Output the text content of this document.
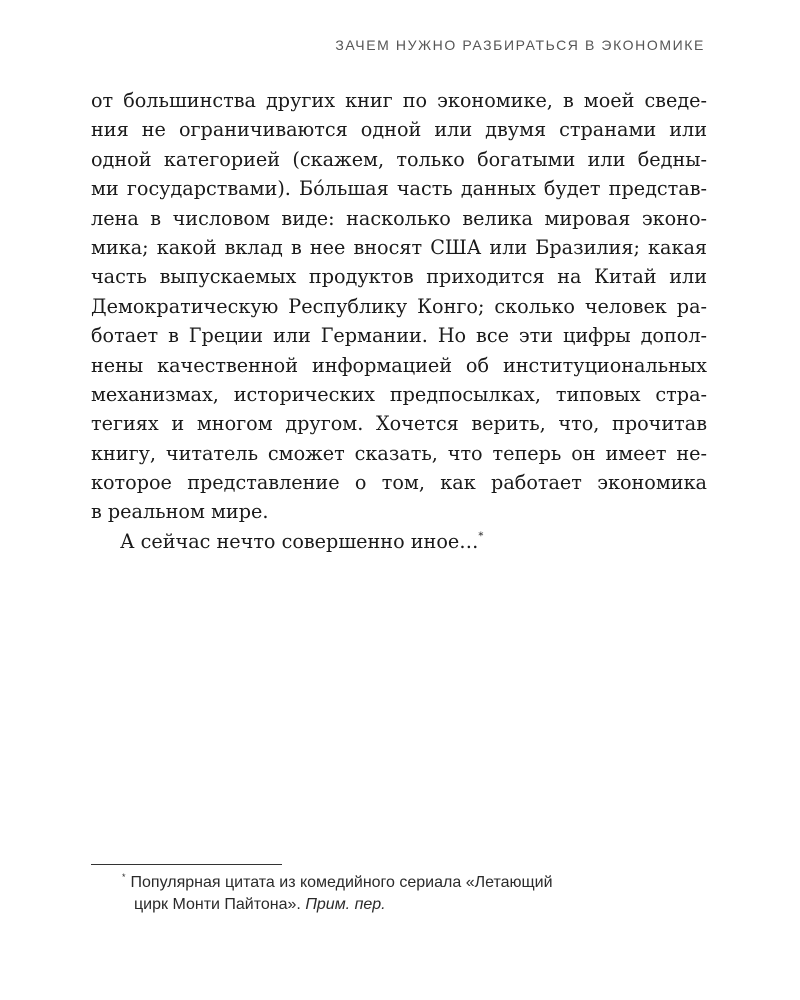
ЗАЧЕМ НУЖНО РАЗБИРАТЬСЯ В ЭКОНОМИКЕ
от большинства других книг по экономике, в моей сведе-
ния не ограничиваются одной или двумя странами или
одной категорией (скажем, только богатыми или бедны-
ми государствами). Бо́льшая часть данных будет представ-
лена в числовом виде: насколько велика мировая эконо-
мика; какой вклад в нее вносят США или Бразилия; какая
часть выпускаемых продуктов приходится на Китай или
Демократическую Республику Конго; сколько человек ра-
ботает в Греции или Германии. Но все эти цифры допол-
нены качественной информацией об институциональных
механизмах, исторических предпосылках, типовых стра-
тегиях и многом другом. Хочется верить, что, прочитав
книгу, читатель сможет сказать, что теперь он имеет не-
которое представление о том, как работает экономика
в реальном мире.
А сейчас нечто совершенно иное…*
* Популярная цитата из комедийного сериала «Летающий
цирк Монти Пайтона». Прим. пер.
